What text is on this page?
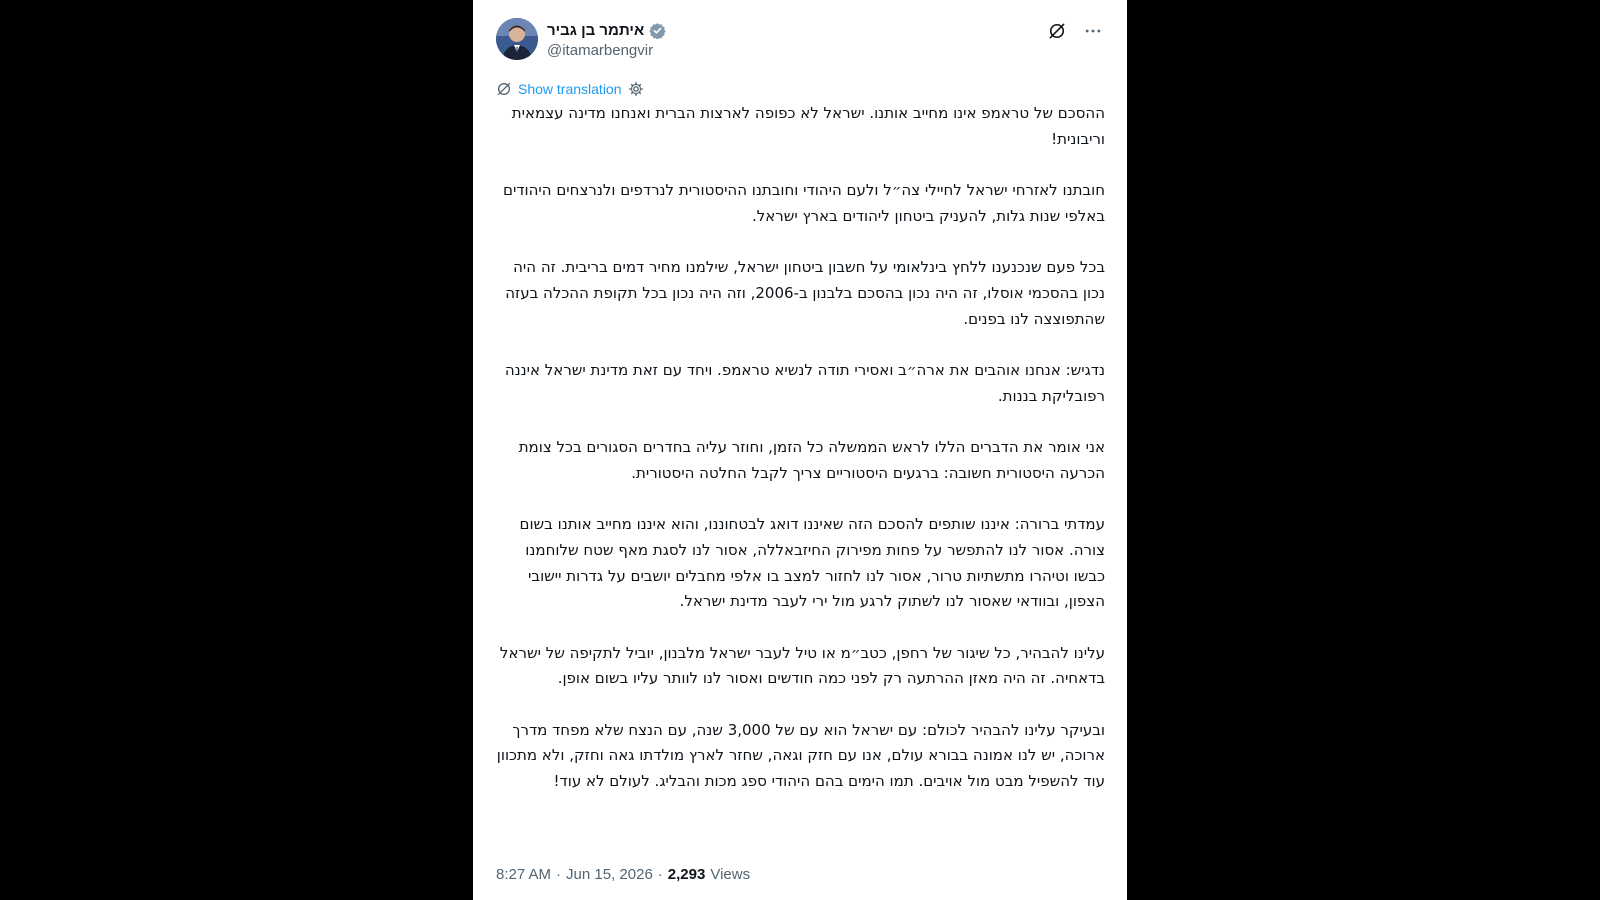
איתמר בן גביר
@itamarbengvir
Show translation

ההסכם של טראמפ אינו מחייב אותנו. ישראל לא כפופה לארצות הברית ואנחנו מדינה עצמאית וריבונית!

חובתנו לאזרחי ישראל לחיילי צה״ל ולעם היהודי וחובתנו ההיסטורית לנרדפים ולנרצחים היהודים באלפי שנות גלות, להעניק ביטחון ליהודים בארץ ישראל.

בכל פעם שנכנענו ללחץ בינלאומי על חשבון ביטחון ישראל, שילמנו מחיר דמים בריבית. זה היה נכון בהסכמי אוסלו, זה היה נכון בהסכם בלבנון ב-2006, וזה היה נכון בכל תקופת ההכלה בעזה שהתפוצצה לנו בפנים.

נדגיש: אנחנו אוהבים את ארה״ב ואסירי תודה לנשיא טראמפ. ויחד עם זאת מדינת ישראל איננה רפובליקת בננות.

אני אומר את הדברים הללו לראש הממשלה כל הזמן, וחוזר עליה בחדרים הסגורים בכל צומת הכרעה היסטורית חשובה: ברגעים היסטוריים צריך לקבל החלטה היסטורית.

עמדתי ברורה: איננו שותפים להסכם הזה שאיננו דואג לבטחוננו, והוא איננו מחייב אותנו בשום צורה. אסור לנו להתפשר על פחות מפירוק החיזבאללה, אסור לנו לסגת מאף שטח שלוחמנו כבשו וטיהרו מתשתיות טרור, אסור לנו לחזור למצב בו אלפי מחבלים יושבים על גדרות יישובי הצפון, ובוודאי שאסור לנו לשתוק לרגע מול ירי לעבר מדינת ישראל.

עלינו להבהיר, כל שיגור של רחפן, כטב״מ או טיל לעבר ישראל מלבנון, יוביל לתקיפה של ישראל בדאחיה. זה היה מאזן ההרתעה רק לפני כמה חודשים ואסור לנו לוותר עליו בשום אופן.

ובעיקר עלינו להבהיר לכולם: עם ישראל הוא עם של 3,000 שנה, עם הנצח שלא מפחד מדרך ארוכה, יש לנו אמונה בבורא עולם, אנו עם חזק וגאה, שחזר לארץ מולדתו גאה וחזק, ולא מתכוון עוד להשפיל מבט מול אויבים. תמו הימים בהם היהודי ספג מכות והבליג. לעולם לא עוד!

8:27 AM · Jun 15, 2026 · 2,293 Views
